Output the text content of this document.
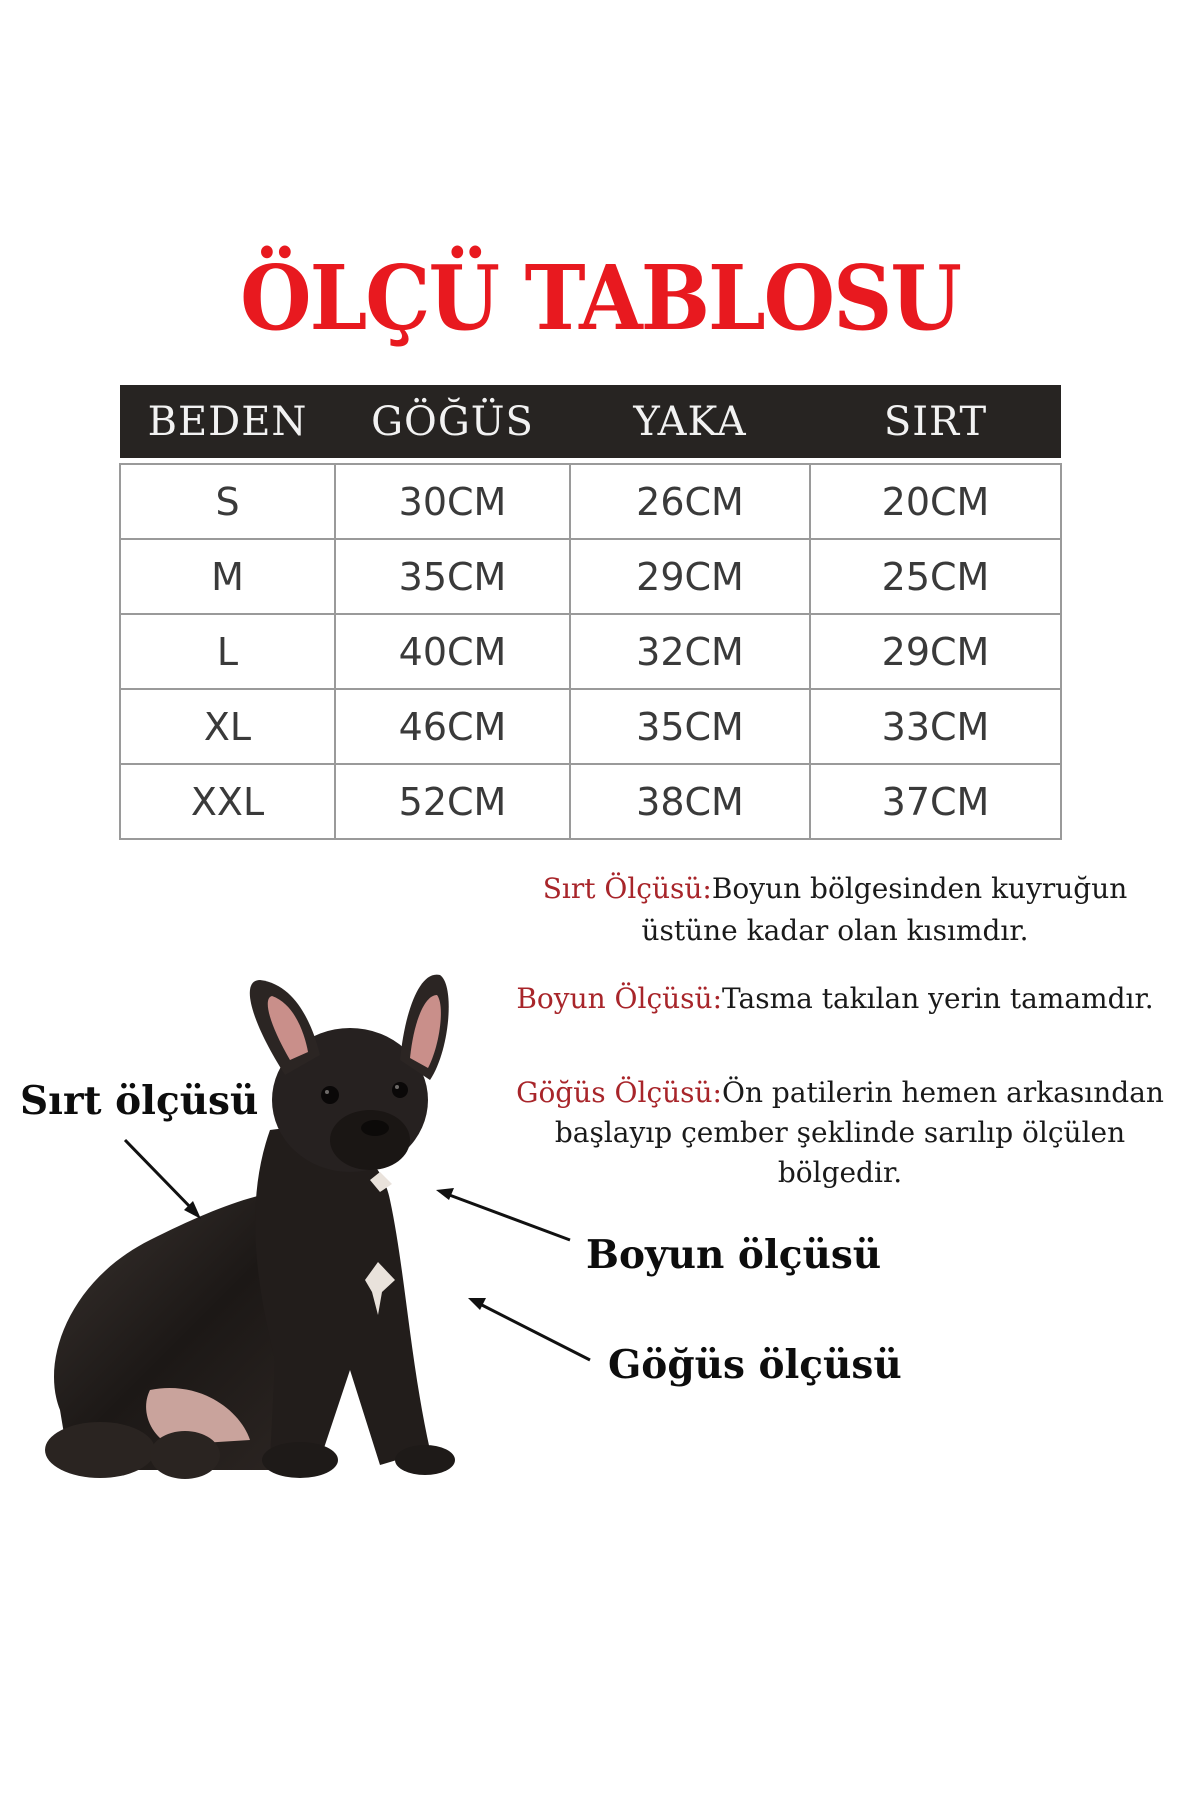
ÖLÇÜ TABLOSU
BEDEN	GÖĞÜS	YAKA	SIRT

S	30CM	26CM	20CM
M	35CM	29CM	25CM
L	40CM	32CM	29CM
XL	46CM	35CM	33CM
XXL	52CM	38CM	37CM
Sırt Ölçüsü:Boyun bölgesinden kuyruğun
üstüne kadar olan kısımdır.
Boyun Ölçüsü:Tasma takılan yerin tamamdır.
Göğüs Ölçüsü:Ön patilerin hemen arkasından
başlayıp çember şeklinde sarılıp ölçülen
bölgedir.
Sırt ölçüsü
Boyun ölçüsü
Göğüs ölçüsü
